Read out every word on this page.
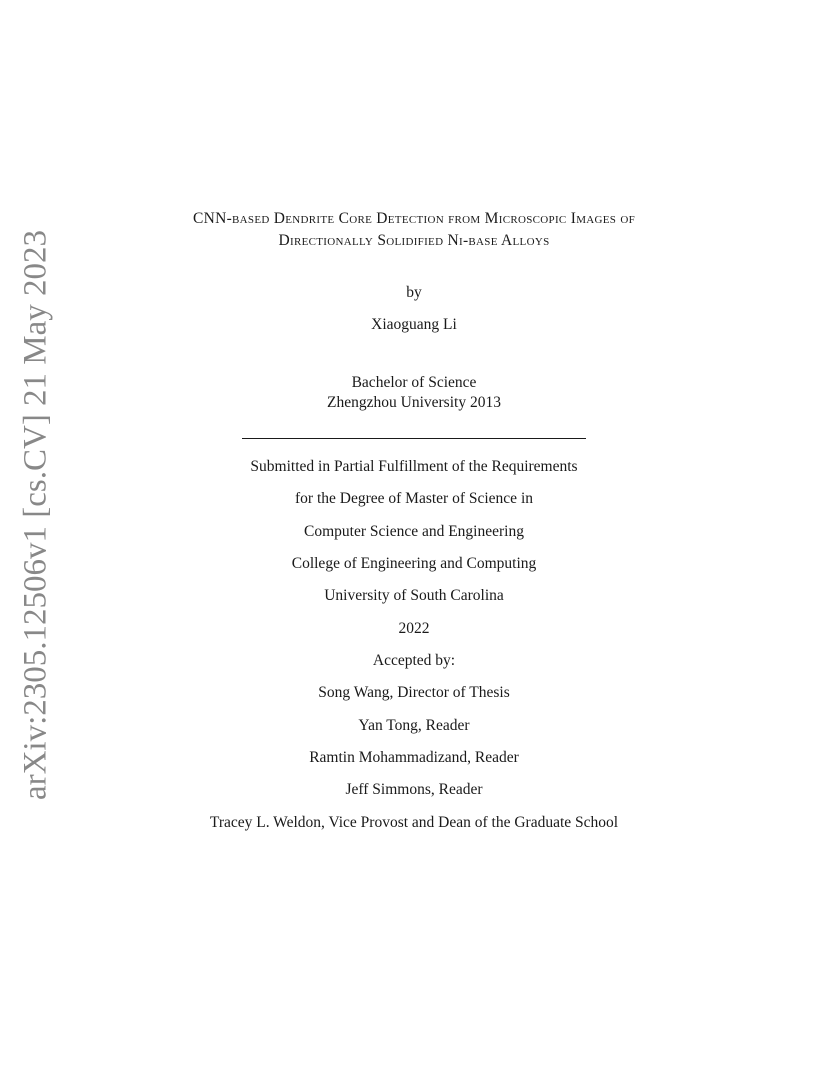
arXiv:2305.12506v1 [cs.CV] 21 May 2023
CNN-based Dendrite Core Detection from Microscopic Images of
Directionally Solidified Ni-base Alloys
by
Xiaoguang Li
Bachelor of Science
Zhengzhou University 2013
Submitted in Partial Fulfillment of the Requirements
for the Degree of Master of Science in
Computer Science and Engineering
College of Engineering and Computing
University of South Carolina
2022
Accepted by:
Song Wang, Director of Thesis
Yan Tong, Reader
Ramtin Mohammadizand, Reader
Jeff Simmons, Reader
Tracey L. Weldon, Vice Provost and Dean of the Graduate School
